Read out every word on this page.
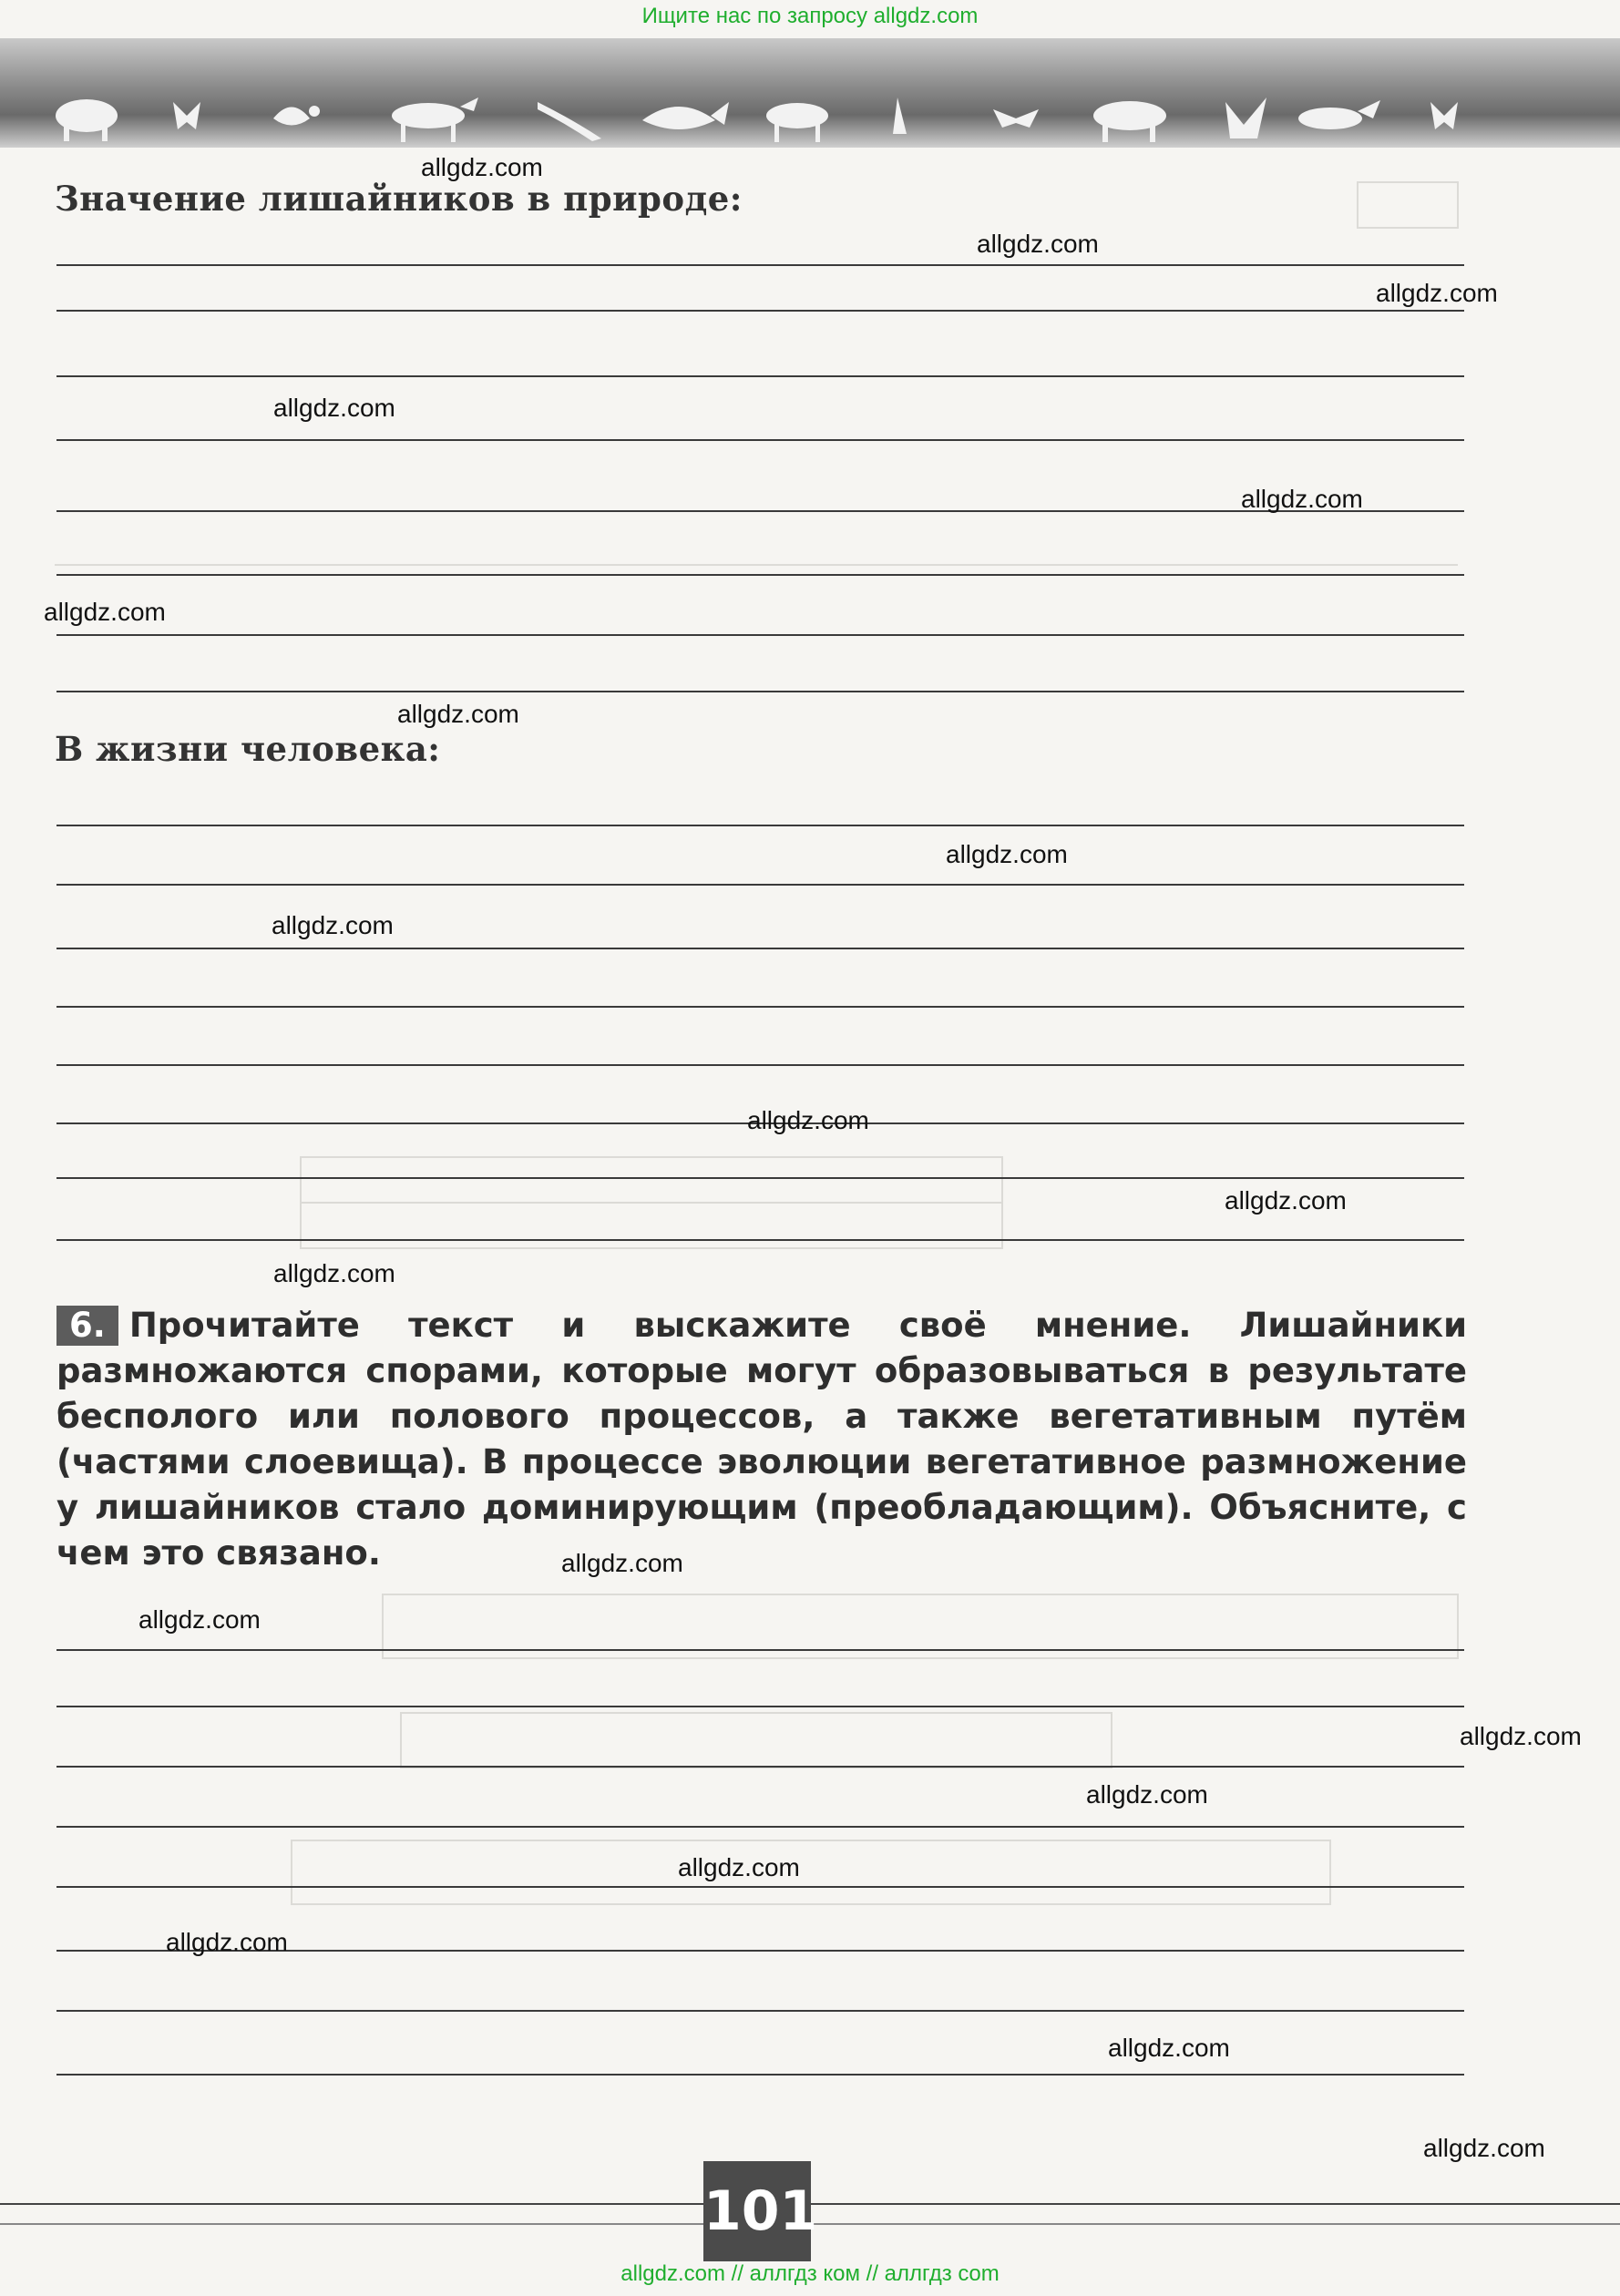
Ищите нас по запросу allgdz.com
Значение лишайников в природе:
В жизни человека:
6. Прочитайте текст и выскажите своё мнение. Лишайники размножаются спорами, которые могут образовываться в результате бесполого или полового процессов, а также вегетативным путём (частями слоевища). В процессе эволюции вегетативное размножение у лишайников стало доминирующим (преобладающим). Объясните, с чем это связано.
allgdz.com
allgdz.com
allgdz.com
allgdz.com
allgdz.com
allgdz.com
allgdz.com
allgdz.com
allgdz.com
allgdz.com
allgdz.com
allgdz.com
allgdz.com
allgdz.com
allgdz.com
allgdz.com
allgdz.com
allgdz.com
allgdz.com
allgdz.com
101
allgdz.com // аллгдз ком // аллгдз com
